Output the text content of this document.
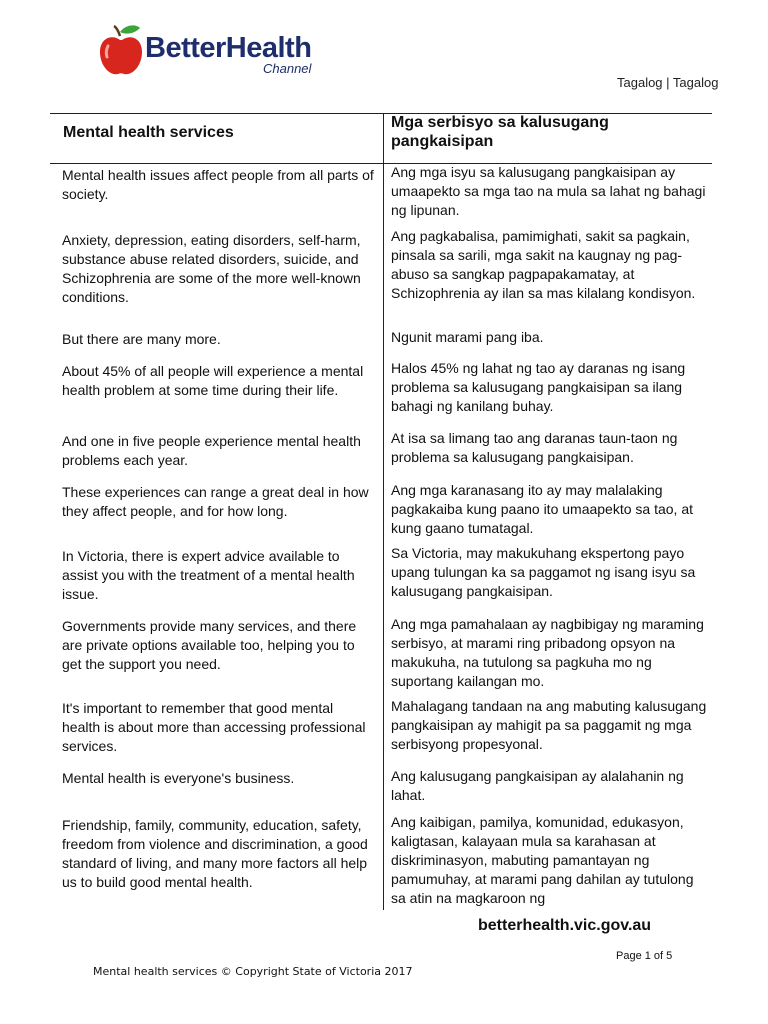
BetterHealth
Channel
Tagalog | Tagalog
Mental health services
Mga serbisyo sa kalusugang pangkaisipan
Mental health issues affect people from all parts of society.
Ang mga isyu sa kalusugang pangkaisipan ay umaapekto sa mga tao na mula sa lahat ng bahagi ng lipunan.
Anxiety, depression, eating disorders, self-harm, substance abuse related disorders, suicide, and Schizophrenia are some of the more well-known conditions.
Ang pagkabalisa, pamimighati, sakit sa pagkain, pinsala sa sarili, mga sakit na kaugnay ng pag-abuso sa sangkap pagpapakamatay, at Schizophrenia ay ilan sa mas kilalang kondisyon.
But there are many more.	Ngunit marami pang iba.
About 45% of all people will experience a mental health problem at some time during their life.
Halos 45% ng lahat ng tao ay daranas ng isang problema sa kalusugang pangkaisipan sa ilang bahagi ng kanilang buhay.
And one in five people experience mental health problems each year.
At isa sa limang tao ang daranas taun-taon ng problema sa kalusugang pangkaisipan.
These experiences can range a great deal in how they affect people, and for how long.
Ang mga karanasang ito ay may malalaking pagkakaiba kung paano ito umaapekto sa tao, at kung gaano tumatagal.
In Victoria, there is expert advice available to assist you with the treatment of a mental health issue.
Sa Victoria, may makukuhang ekspertong payo upang tulungan ka sa paggamot ng isang isyu sa kalusugang pangkaisipan.
Governments provide many services, and there are private options available too, helping you to get the support you need.
Ang mga pamahalaan ay nagbibigay ng maraming serbisyo, at marami ring pribadong opsyon na makukuha, na tutulong sa pagkuha mo ng suportang kailangan mo.
It's important to remember that good mental health is about more than accessing professional services.
Mahalagang tandaan na ang mabuting kalusugang pangkaisipan ay mahigit pa sa paggamit ng mga serbisyong propesyonal.
Mental health is everyone's business.	Ang kalusugang pangkaisipan ay alalahanin ng lahat.
Friendship, family, community, education, safety, freedom from violence and discrimination, a good standard of living, and many more factors all help us to build good mental health.
Ang kaibigan, pamilya, komunidad, edukasyon, kaligtasan, kalayaan mula sa karahasan at diskriminasyon, mabuting pamantayan ng pamumuhay, at marami pang dahilan ay tutulong sa atin na magkaroon ng
betterhealth.vic.gov.au
Page 1 of 5
Mental health services © Copyright State of Victoria 2017
